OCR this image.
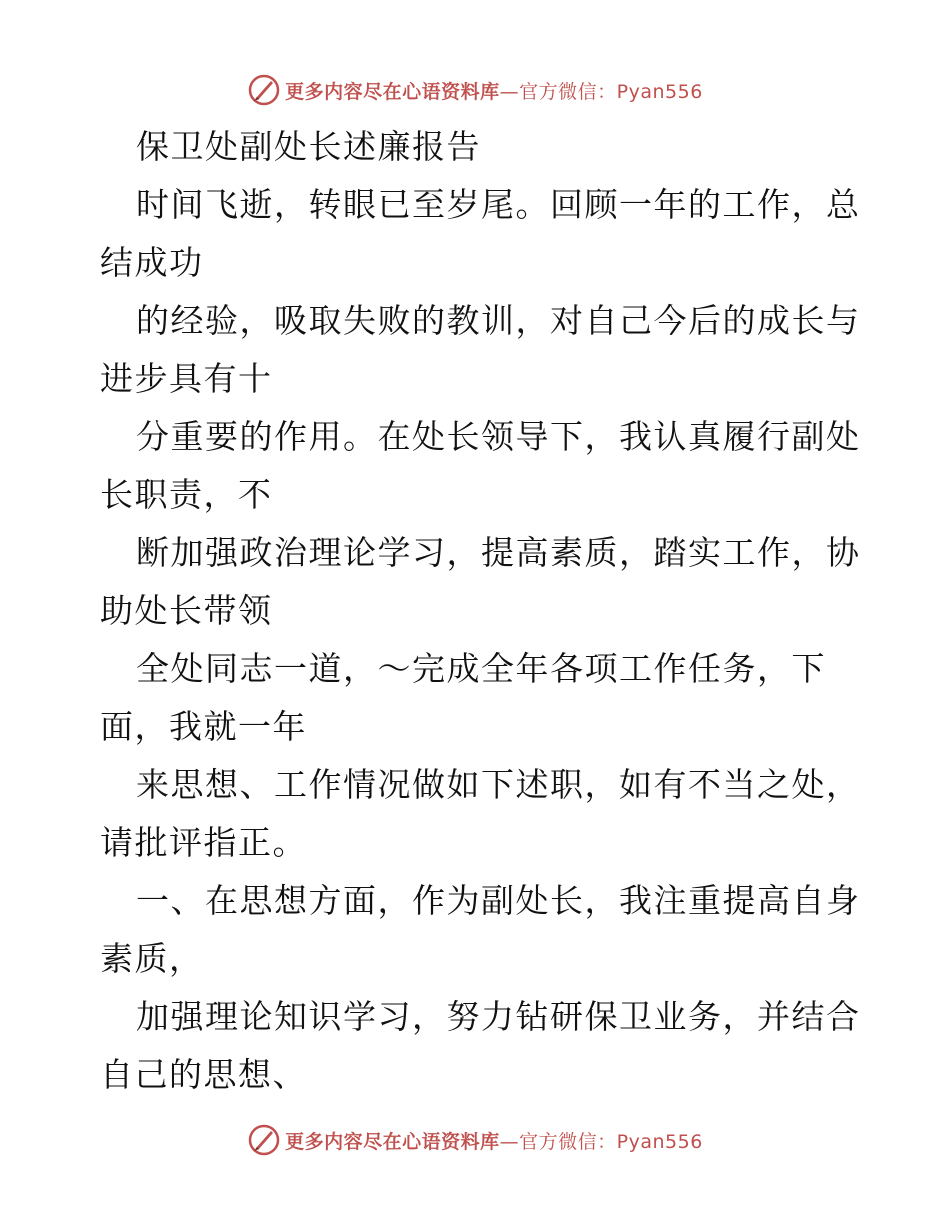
更多内容尽在心语资料库—官方微信：Pyan556
保卫处副处长述廉报告
时间飞逝，转眼已至岁尾。回顾一年的工作，总
结成功
的经验，吸取失败的教训，对自己今后的成长与
进步具有十
分重要的作用。在处长领导下，我认真履行副处
长职责，不
断加强政治理论学习，提高素质，踏实工作，协
助处长带领
全处同志一道，～完成全年各项工作任务，下
面，我就一年
来思想、工作情况做如下述职，如有不当之处，
请批评指正。
一、在思想方面，作为副处长，我注重提高自身
素质，
加强理论知识学习，努力钻研保卫业务，并结合
自己的思想、
更多内容尽在心语资料库—官方微信：Pyan556
